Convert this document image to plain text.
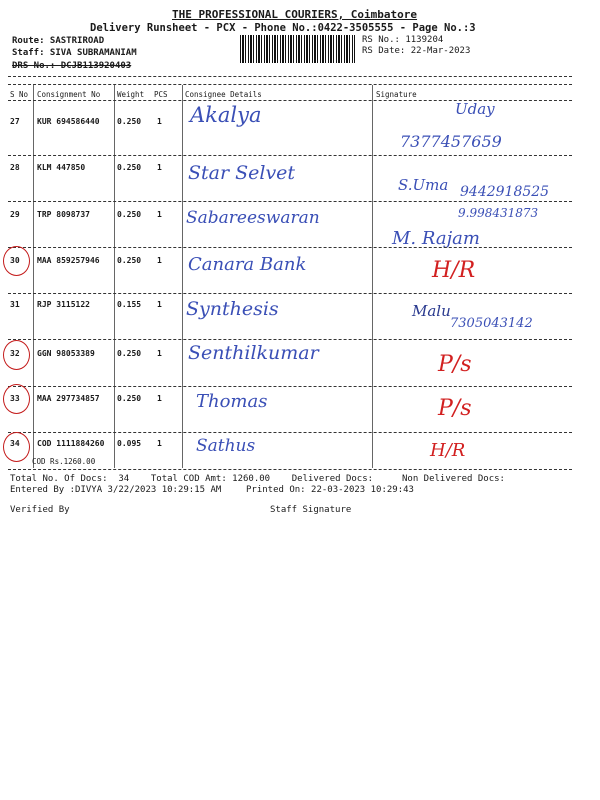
THE PROFESSIONAL COURIERS, Coimbatore
Delivery Runsheet - PCX - Phone No.:0422-3505555 - Page No.:3
Route: SASTRIROAD
Staff: SIVA SUBRAMANIAM
DRS No.: DCJB113920403
RS No.: 1139204
RS Date: 22-Mar-2023
S No Consignment No Weight PCS Consignee Details	Signature
27 KUR 694586440 0.250 1 Akalya	Uday
7377457659
28 KLM 447850	0.250 1 Star Selvet
S.Uma 9442918525
29 TRP 8098737	0.250 1 Sabareeswaran	9.998431873
M. Rajam
30 MAA 859257946 0.250 1 Canara Bank	H/R
31 RJP 3115122	0.155 1 Synthesis	Malu
7305043142
32 GGN 98053389	0.250 1 Senthilkumar	P/s
33 MAA 297734857 0.250 1 Thomas	P/s
34 COD 1111884260 0.095 1 Sathus	H/R
COD Rs.1260.00
Total No. Of Docs:  34    Total COD Amt: 1260.00    Delivered Docs:	Non Delivered Docs:
Entered By :DIVYA 3/22/2023 10:29:15 AM	Printed On: 22-03-2023 10:29:43
Verified By	Staff Signature
